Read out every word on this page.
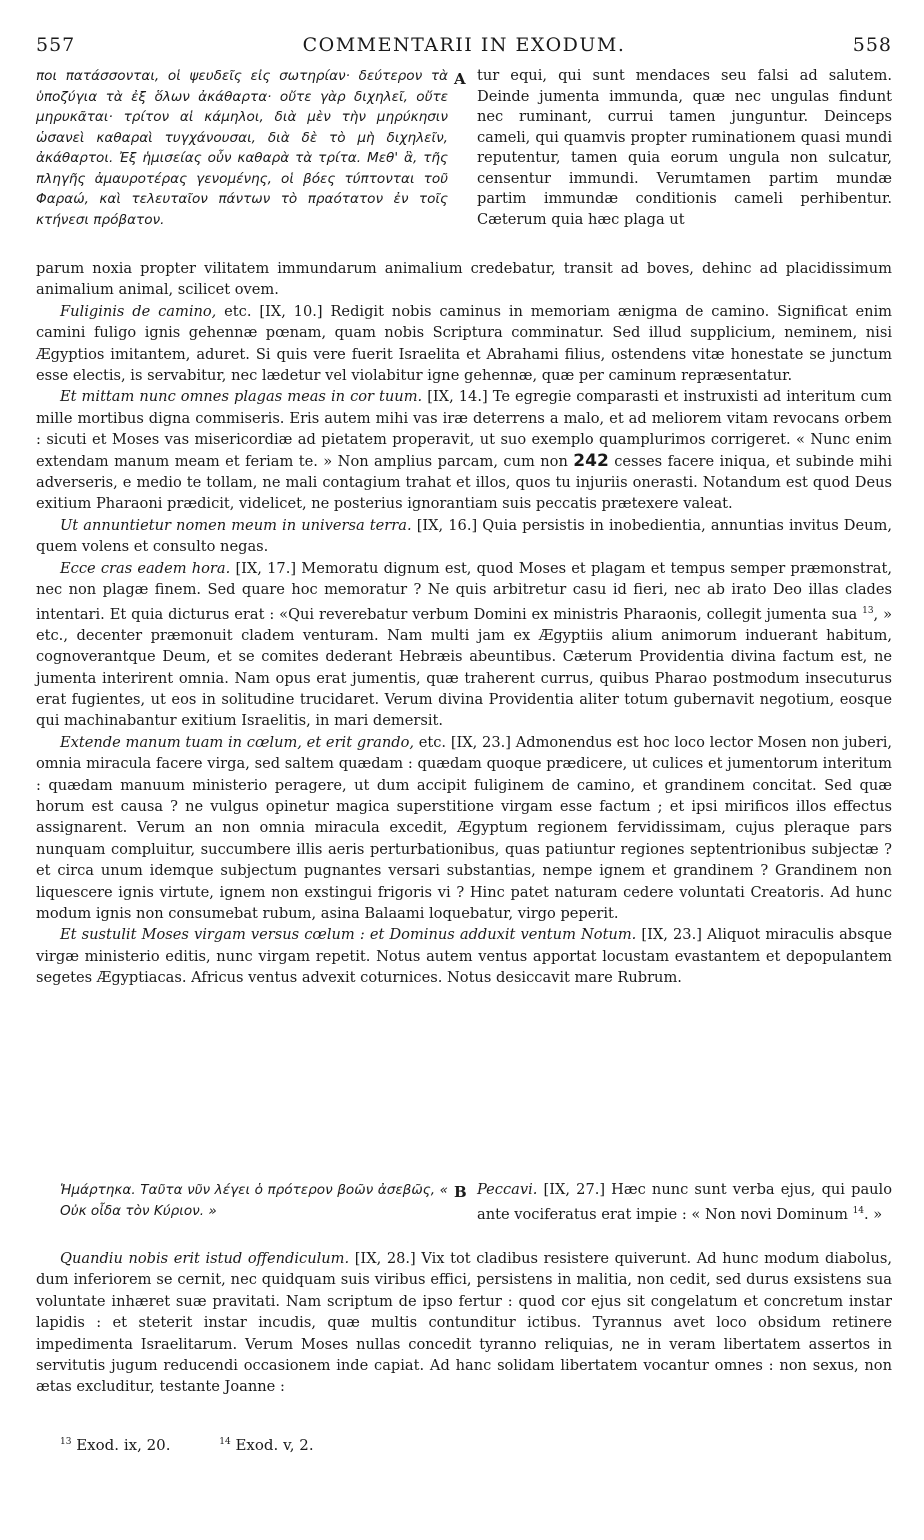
557	COMMENTARII IN EXODUM.	558
ποι πατάσσονται, οἱ ψευδεῖς εἰς σωτηρίαν· δεύτερον τὰ ὑποζύγια τὰ ἐξ ὅλων ἀκάθαρτα· οὔτε γὰρ διχηλεῖ, οὔτε μηρυκᾶται· τρίτον αἱ κάμηλοι, διὰ μὲν τὴν μηρύκησιν ὡσανεὶ καθαραὶ τυγχάνουσαι, διὰ δὲ τὸ μὴ διχηλεῖν, ἀκάθαρτοι. Ἐξ ἡμισείας οὖν καθαρὰ τὰ τρίτα. Μεθ' ἃ, τῆς πληγῆς ἀμαυροτέρας γενομένης, οἱ βόες τύπτονται τοῦ Φαραώ, καὶ τελευταῖον πάντων τὸ πραότατον ἐν τοῖς κτήνεσι πρόβατον.
A tur equi, qui sunt mendaces seu falsi ad salutem. Deinde jumenta immunda, quæ nec ungulas findunt nec ruminant, currui tamen junguntur. Deinceps cameli, qui quamvis propter ruminationem quasi mundi reputentur, tamen quia eorum ungula non sulcatur, censentur immundi. Verumtamen partim mundæ partim immundæ conditionis cameli perhibentur. Cæterum quia hæc plaga ut

parum noxia propter vilitatem immundarum animalium credebatur, transit ad boves, dehinc ad placidissimum animalium animal, scilicet ovem.

Fuliginis de camino, etc. [IX, 10.] Redigit nobis caminus in memoriam ænigma de camino. Significat enim camini fuligo ignis gehennæ pœnam, quam nobis Scriptura comminatur. Sed illud supplicium, neminem, nisi Ægyptios imitantem, aduret. Si quis vere fuerit Israelita et Abrahami filius, ostendens vitæ honestate se junctum esse electis, is servabitur, nec lædetur vel violabitur igne gehennæ, quæ per caminum repræsentatur.

Et mittam nunc omnes plagas meas in cor tuum. [IX, 14.] Te egregie comparasti et instruxisti ad interitum cum mille mortibus digna commiseris. Eris autem mihi vas iræ deterrens a malo, et ad meliorem vitam revocans orbem : sicuti et Moses vas misericordiæ ad pietatem properavit, ut suo exemplo quamplurimos corrigeret. « Nunc enim extendam manum meam et feriam te. » Non amplius parcam, cum non 242 cesses facere iniqua, et subinde mihi adverseris, e medio te tollam, ne mali contagium trahat et illos, quos tu injuriis onerasti. Notandum est quod Deus exitium Pharaoni prædicit, videlicet, ne posterius ignorantiam suis peccatis prætexere valeat.

Ut annuntietur nomen meum in universa terra. [IX, 16.] Quia persistis in inobedientia, annuntias invitus Deum, quem volens et consulto negas.

Ecce cras eadem hora. [IX, 17.] Memoratu dignum est, quod Moses et plagam et tempus semper præmonstrat, nec non plagæ finem. Sed quare hoc memoratur ? Ne quis arbitretur casu id fieri, nec ab irato Deo illas clades intentari. Et quia dicturus erat : «Qui reverebatur verbum Domini ex ministris Pharaonis, collegit jumenta sua $^{13}$, » etc., decenter præmonuit cladem venturam. Nam multi jam ex Ægyptiis alium animorum induerant habitum, cognoverantque Deum, et se comites dederant Hebræis abeuntibus. Cæterum Providentia divina factum est, ne jumenta interirent omnia. Nam opus erat jumentis, quæ traherent currus, quibus Pharao postmodum insecuturus erat fugientes, ut eos in solitudine trucidaret. Verum divina Providentia aliter totum gubernavit negotium, eosque qui machinabantur exitium Israelitis, in mari demersit.

Extende manum tuam in cœlum, et erit grando, etc. [IX, 23.] Admonendus est hoc loco lector Mosen non juberi, omnia miracula facere virga, sed saltem quædam : quædam quoque prædicere, ut culices et jumentorum interitum : quædam manuum ministerio peragere, ut dum accipit fuliginem de camino, et grandinem concitat. Sed quæ horum est causa ? ne vulgus opinetur magica superstitione virgam esse factum ; et ipsi mirificos illos effectus assignarent. Verum an non omnia miracula excedit, Ægyptum regionem fervidissimam, cujus pleraque pars nunquam compluitur, succumbere illis aeris perturbationibus, quas patiuntur regiones septentrionibus subjectæ ? et circa unum idemque subjectum pugnantes versari substantias, nempe ignem et grandinem ? Grandinem non liquescere ignis virtute, ignem non exstingui frigoris vi ? Hinc patet naturam cedere voluntati Creatoris. Ad hunc modum ignis non consumebat rubum, asina Balaami loquebatur, virgo peperit.

Et sustulit Moses virgam versus cœlum : et Dominus adduxit ventum Notum. [IX, 23.] Aliquot miraculis absque virgæ ministerio editis, nunc virgam repetit. Notus autem ventus apportat locustam evastantem et depopulantem segetes Ægyptiacas. Africus ventus advexit coturnices. Notus desiccavit mare Rubrum.

Ἡμάρτηκα. Ταῦτα νῦν λέγει ὁ πρότερον βοῶν ἀσεβῶς, « Οὐκ οἶδα τὸν Κύριον. »
B Peccavi. [IX, 27.] Hæc nunc sunt verba ejus, qui paulo ante vociferatus erat impie : « Non novi Dominum $^{14}$. »

Quandiu nobis erit istud offendiculum. [IX, 28.] Vix tot cladibus resistere quiverunt. Ad hunc modum diabolus, dum inferiorem se cernit, nec quidquam suis viribus effici, persistens in malitia, non cedit, sed durus exsistens sua voluntate inhæret suæ pravitati. Nam scriptum de ipso fertur : quod cor ejus sit congelatum et concretum instar lapidis : et steterit instar incudis, quæ multis contunditur ictibus. Tyrannus avet loco obsidum retinere impedimenta Israelitarum. Verum Moses nullas concedit tyranno reliquias, ne in veram libertatem assertos in servitutis jugum reducendi occasionem inde capiat. Ad hanc solidam libertatem vocantur omnes : non sexus, non ætas excluditur, testante Joanne :

$^{13}$ Exod. ix, 20.	$^{14}$ Exod. v, 2.
